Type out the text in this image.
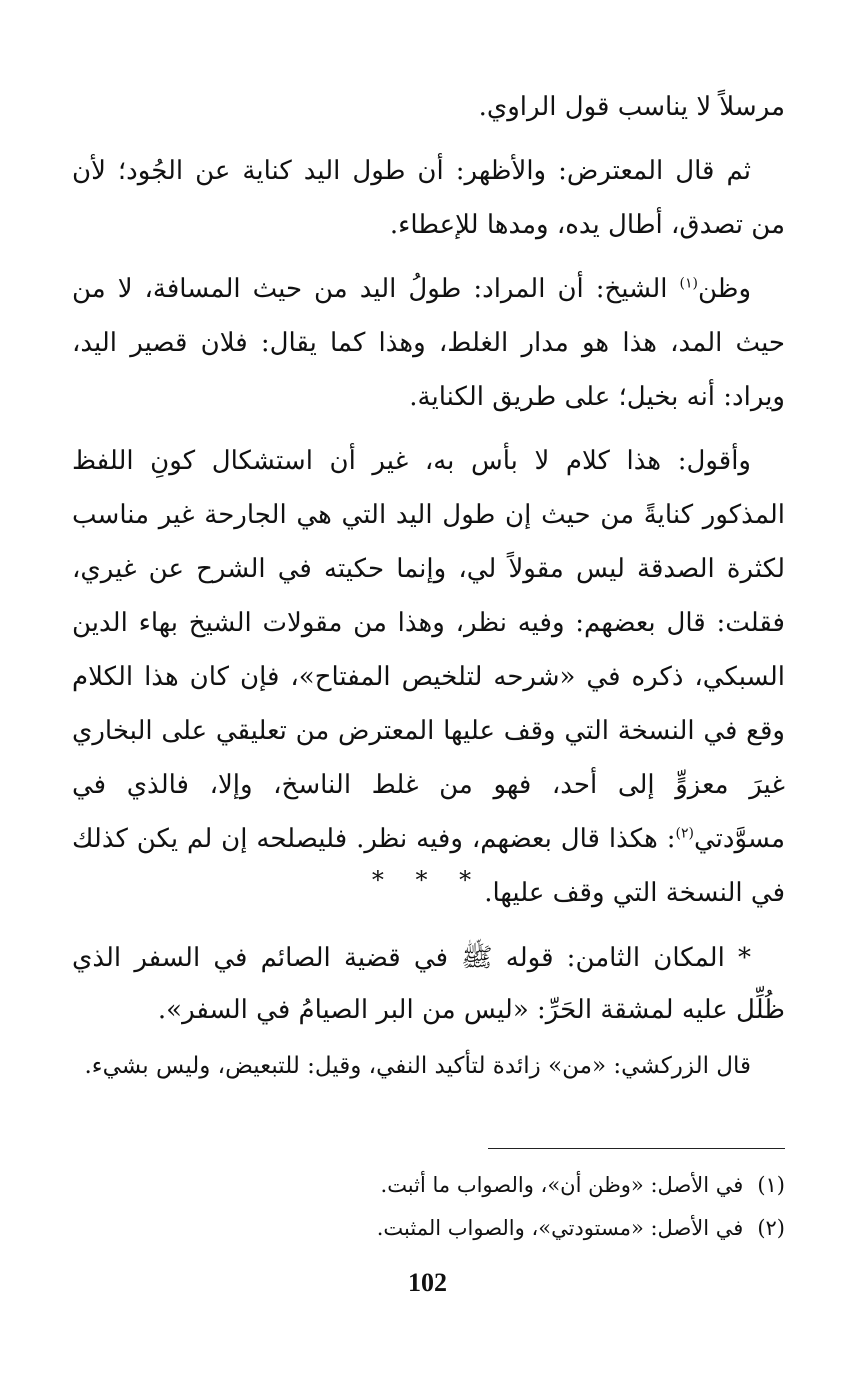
مرسلاً لا يناسب قول الراوي.

ثم قال المعترض: والأظهر: أن طول اليد كناية عن الجُود؛ لأن من تصدق، أطال يده، ومدها للإعطاء.

وظن$^{(١)}$ الشيخ: أن المراد: طولُ اليد من حيث المسافة، لا من حيث المد، هذا هو مدار الغلط، وهذا كما يقال: فلان قصير اليد، ويراد: أنه بخيل؛ على طريق الكناية.

وأقول: هذا كلام لا بأس به، غير أن استشكال كونِ اللفظ المذكور كنايةً من حيث إن طول اليد التي هي الجارحة غير مناسب لكثرة الصدقة ليس مقولاً لي، وإنما حكيته في الشرح عن غيري، فقلت: قال بعضهم: وفيه نظر، وهذا من مقولات الشيخ بهاء الدين السبكي، ذكره في «شرحه لتلخيص المفتاح»، فإن كان هذا الكلام وقع في النسخة التي وقف عليها المعترض من تعليقي على البخاري غيرَ معزوٍّ إلى أحد، فهو من غلط الناسخ، وإلا، فالذي في مسوَّدتي$^{(٢)}$: هكذا قال بعضهم، وفيه نظر. فليصلحه إن لم يكن كذلك في النسخة التي وقف عليها.

* * *

* المكان الثامن: قوله ﷺ في قضية الصائم في السفر الذي ظُلِّل عليه لمشقة الحَرِّ: «ليس من البر الصيامُ في السفر».

قال الزركشي: «من» زائدة لتأكيد النفي، وقيل: للتبعيض، وليس بشيء.

(١)في الأصل: «وظن أن»، والصواب ما أثبت.

(٢)في الأصل: «مستودتي»، والصواب المثبت.

102
